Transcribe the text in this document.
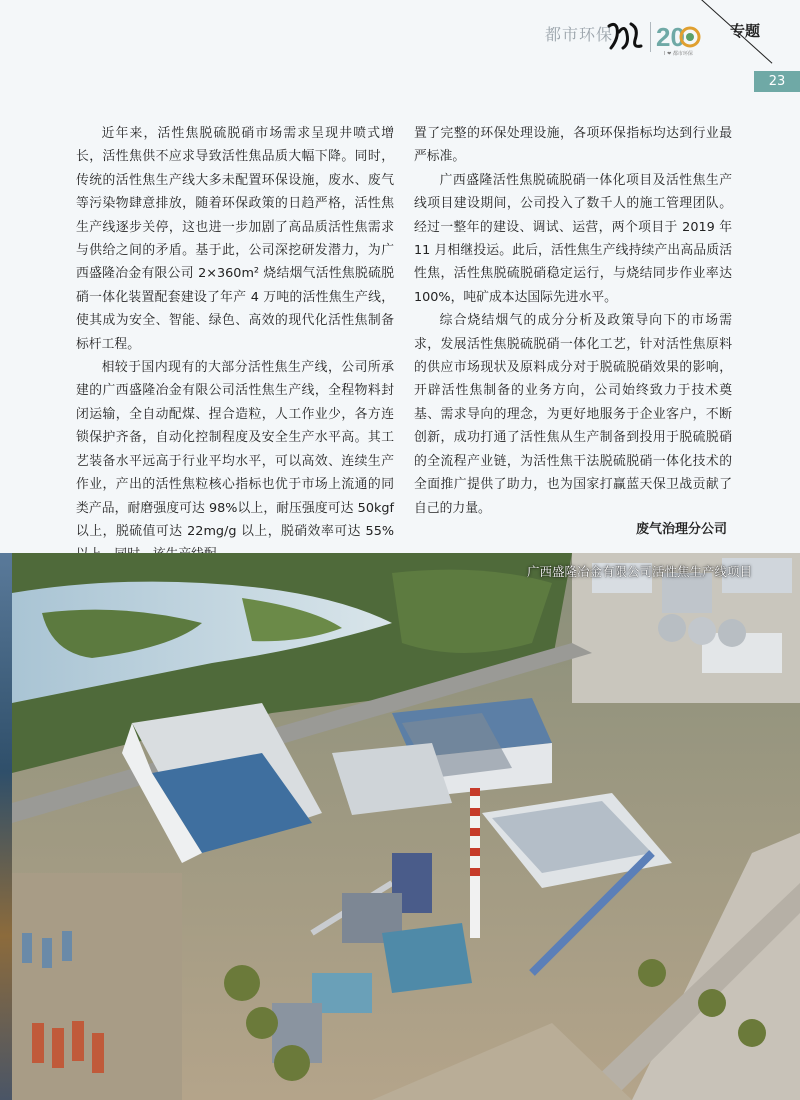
都市环保 20
I ❤ 都市环保
专题
23

近年来，活性焦脱硫脱硝市场需求呈现井喷式增长，活性焦供不应求导致活性焦品质大幅下降。同时，传统的活性焦生产线大多未配置环保设施，废水、废气等污染物肆意排放，随着环保政策的日趋严格，活性焦生产线逐步关停，这也进一步加剧了高品质活性焦需求与供给之间的矛盾。基于此，公司深挖研发潜力，为广西盛隆冶金有限公司 2×360m² 烧结烟气活性焦脱硫脱硝一体化装置配套建设了年产 4 万吨的活性焦生产线，使其成为安全、智能、绿色、高效的现代化活性焦制备标杆工程。

相较于国内现有的大部分活性焦生产线，公司所承建的广西盛隆冶金有限公司活性焦生产线，全程物料封闭运输，全自动配煤、捏合造粒，人工作业少，各方连锁保护齐备，自动化控制程度及安全生产水平高。其工艺装备水平远高于行业平均水平，可以高效、连续生产作业，产出的活性焦粒核心指标也优于市场上流通的同类产品，耐磨强度可达 98%以上，耐压强度可达 50kgf 以上，脱硫值可达 22mg/g 以上，脱硝效率可达 55%

置了完整的环保处理设施，各项环保指标均达到行业最严标准。

广西盛隆活性焦脱硫脱硝一体化项目及活性焦生产线项目建设期间，公司投入了数千人的施工管理团队。经过一整年的建设、调试、运营，两个项目于 2019 年 11 月相继投运。此后，活性焦生产线持续产出高品质活性焦，活性焦脱硫脱硝稳定运行，与烧结同步作业率达 100%，吨矿成本达国际先进水平。

综合烧结烟气的成分分析及政策导向下的市场需求，发展活性焦脱硫脱硝一体化工艺，针对活性焦原料的供应市场现状及原料成分对于脱硫脱硝效果的影响，开辟活性焦制备的业务方向，公司始终致力于技术奠基、需求导向的理念，为更好地服务于企业客户，不断创新，成功打通了活性焦从生产制备到投用于脱硫脱硝的全流程产业链，为活性焦干法脱硫脱硝一体化技术的全面推广提供了助力，也为国家打赢蓝天保卫战贡献了自己的力量。

废气治理分公司
广西盛隆冶金有限公司活性焦生产线项目
